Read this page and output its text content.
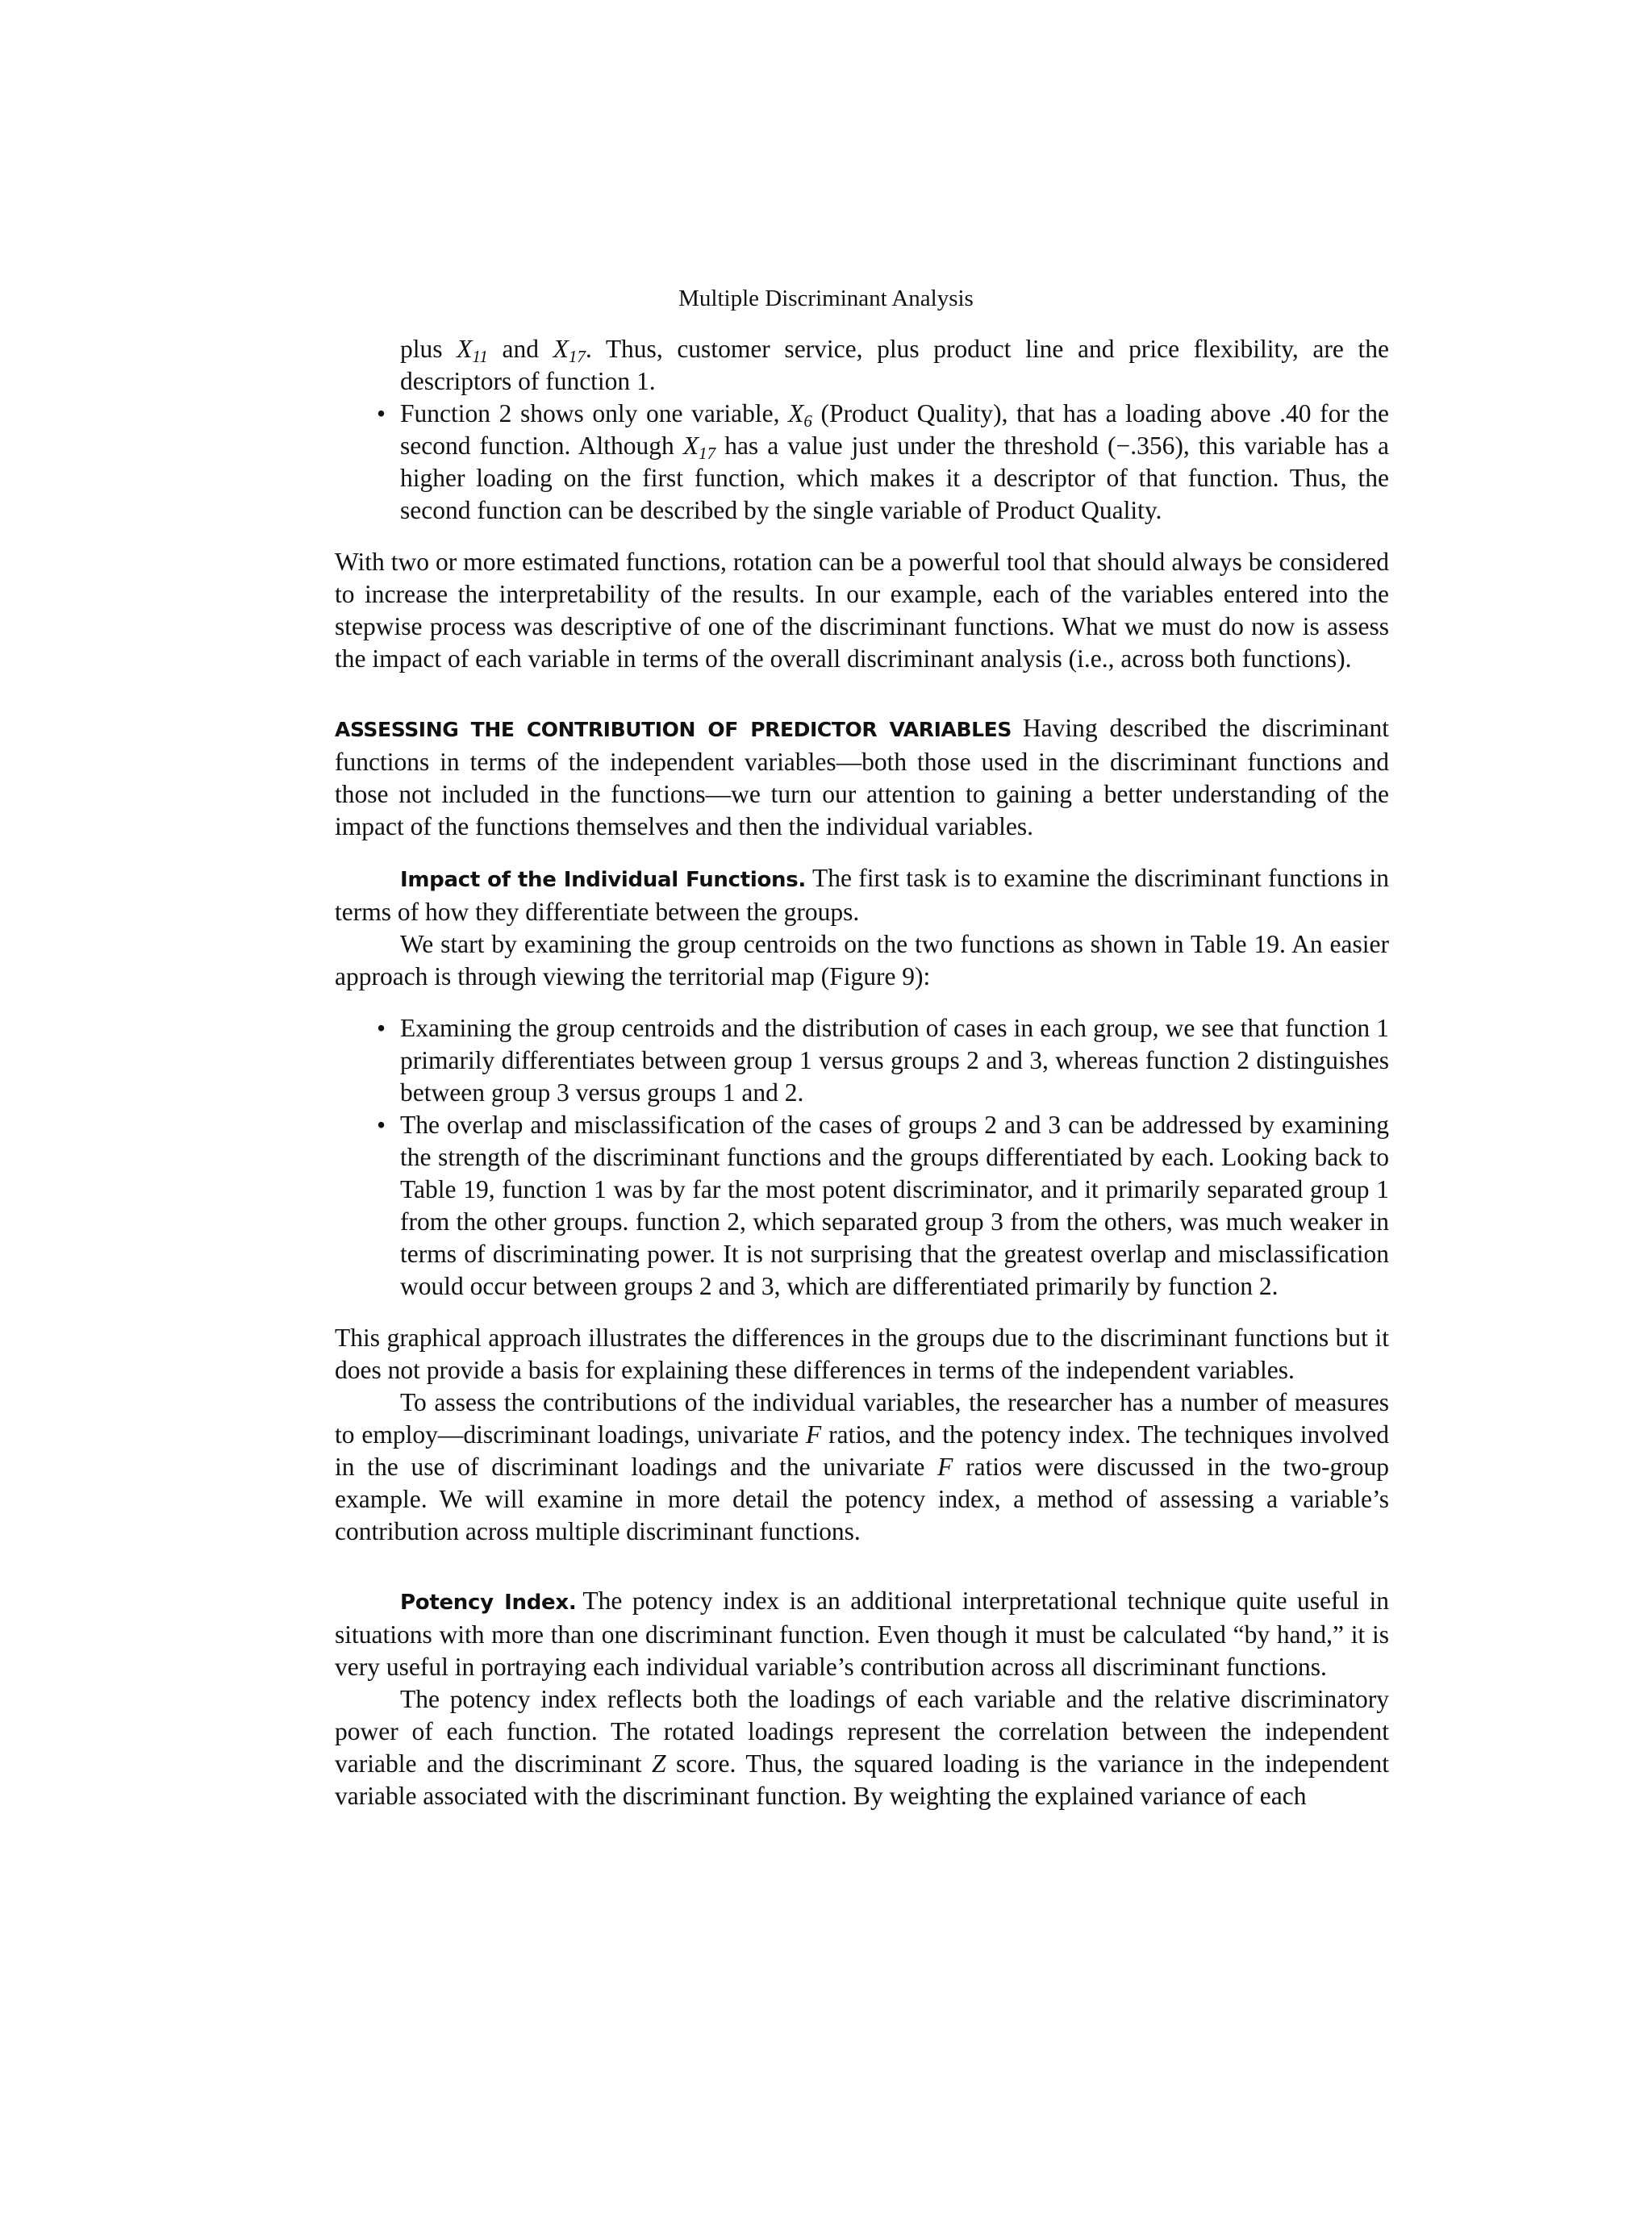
Multiple Discriminant Analysis

plus $X_{11}$ and $X_{17}$. Thus, customer service, plus product line and price flexibility, are the descriptors of function 1.

• Function 2 shows only one variable, $X_6$ (Product Quality), that has a loading above .40 for the second function. Although $X_{17}$ has a value just under the threshold (−.356), this variable has a higher loading on the first function, which makes it a descriptor of that function. Thus, the second function can be described by the single variable of Product Quality.

With two or more estimated functions, rotation can be a powerful tool that should always be considered to increase the interpretability of the results. In our example, each of the variables entered into the stepwise process was descriptive of one of the discriminant functions. What we must do now is assess the impact of each variable in terms of the overall discriminant analysis (i.e., across both functions).

ASSESSING THE CONTRIBUTION OF PREDICTOR VARIABLES Having described the discriminant functions in terms of the independent variables—both those used in the discriminant functions and those not included in the functions—we turn our attention to gaining a better understanding of the impact of the functions themselves and then the individual variables.

Impact of the Individual Functions. The first task is to examine the discriminant functions in terms of how they differentiate between the groups.

We start by examining the group centroids on the two functions as shown in Table 19. An easier approach is through viewing the territorial map (Figure 9):

• Examining the group centroids and the distribution of cases in each group, we see that function 1 primarily differentiates between group 1 versus groups 2 and 3, whereas function 2 distinguishes between group 3 versus groups 1 and 2.
• The overlap and misclassification of the cases of groups 2 and 3 can be addressed by examining the strength of the discriminant functions and the groups differentiated by each. Looking back to Table 19, function 1 was by far the most potent discriminator, and it primarily separated group 1 from the other groups. function 2, which separated group 3 from the others, was much weaker in terms of discriminating power. It is not surprising that the greatest overlap and misclassification would occur between groups 2 and 3, which are differentiated primarily by function 2.

This graphical approach illustrates the differences in the groups due to the discriminant functions but it does not provide a basis for explaining these differences in terms of the independent variables.

To assess the contributions of the individual variables, the researcher has a number of measures to employ—discriminant loadings, univariate F ratios, and the potency index. The techniques involved in the use of discriminant loadings and the univariate F ratios were discussed in the two-group example. We will examine in more detail the potency index, a method of assessing a variable’s contribution across multiple discriminant functions.

Potency Index. The potency index is an additional interpretational technique quite useful in situations with more than one discriminant function. Even though it must be calculated “by hand,” it is very useful in portraying each individual variable’s contribution across all discriminant functions.

The potency index reflects both the loadings of each variable and the relative discriminatory power of each function. The rotated loadings represent the correlation between the independent variable and the discriminant Z score. Thus, the squared loading is the variance in the independent variable associated with the discriminant function. By weighting the explained variance of each
